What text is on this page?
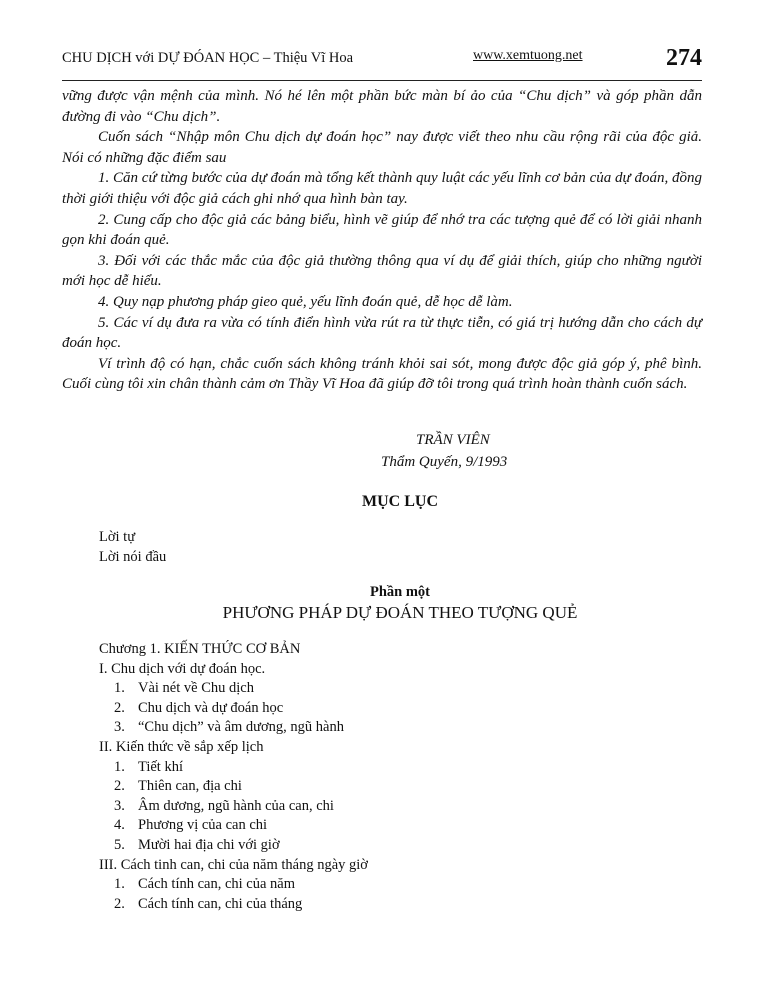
CHU DỊCH với DỰ ĐÓAN HỌC – Thiệu Vĩ Hoa	www.xemtuong.net	274

vững được vận mệnh của mình. Nó hé lên một phần bức màn bí ảo của “Chu dịch” và góp phần dẫn đường đi vào “Chu dịch”.

Cuốn sách “Nhập môn Chu dịch dự đoán học” nay được viết theo nhu cầu rộng rãi của độc giả. Nói có những đặc điểm sau

1. Căn cứ từng bước của dự đoán mà tổng kết thành quy luật các yếu lĩnh cơ bản của dự đoán, đồng thời giới thiệu với độc giả cách ghi nhớ qua hình bàn tay.

2. Cung cấp cho độc giả các bảng biểu, hình vẽ giúp để nhớ tra các tượng quẻ để có lời giải nhanh gọn khi đoán quẻ.

3. Đối với các thắc mắc của độc giả thường thông qua ví dụ để giải thích, giúp cho những người mới học dễ hiểu.

4. Quy nạp phương pháp gieo quẻ, yếu lĩnh đoán quẻ, dễ học dễ làm.

5. Các ví dụ đưa ra vừa có tính điển hình vừa rút ra từ thực tiễn, có giá trị hướng dẫn cho cách dự đoán học.

Ví trình độ có hạn, chắc cuốn sách không tránh khỏi sai sót, mong được độc giả góp ý, phê bình. Cuối cùng tôi xin chân thành cảm ơn Thầy Vĩ Hoa đã giúp đỡ tôi trong quá trình hoàn thành cuốn sách.

TRẦN VIÊN
Thẩm Quyến, 9/1993
MỤC LỤC
Lời tự
Lời nói đầu
Phần một
PHƯƠNG PHÁP DỰ ĐOÁN THEO TƯỢNG QUẺ
Chương 1. KIẾN THỨC CƠ BẢN
I. Chu dịch với dự đoán học.
1. Vài nét về Chu dịch
2. Chu dịch và dự đoán học
3. “Chu dịch” và âm dương, ngũ hành
II. Kiến thức về sắp xếp lịch
1. Tiết khí
2. Thiên can, địa chi
3. Âm dương, ngũ hành của can, chi
4. Phương vị của can chi
5. Mười hai địa chi với giờ
III. Cách tinh can, chi của năm tháng ngày giờ
1. Cách tính can, chi của năm
2. Cách tính can, chi của tháng
